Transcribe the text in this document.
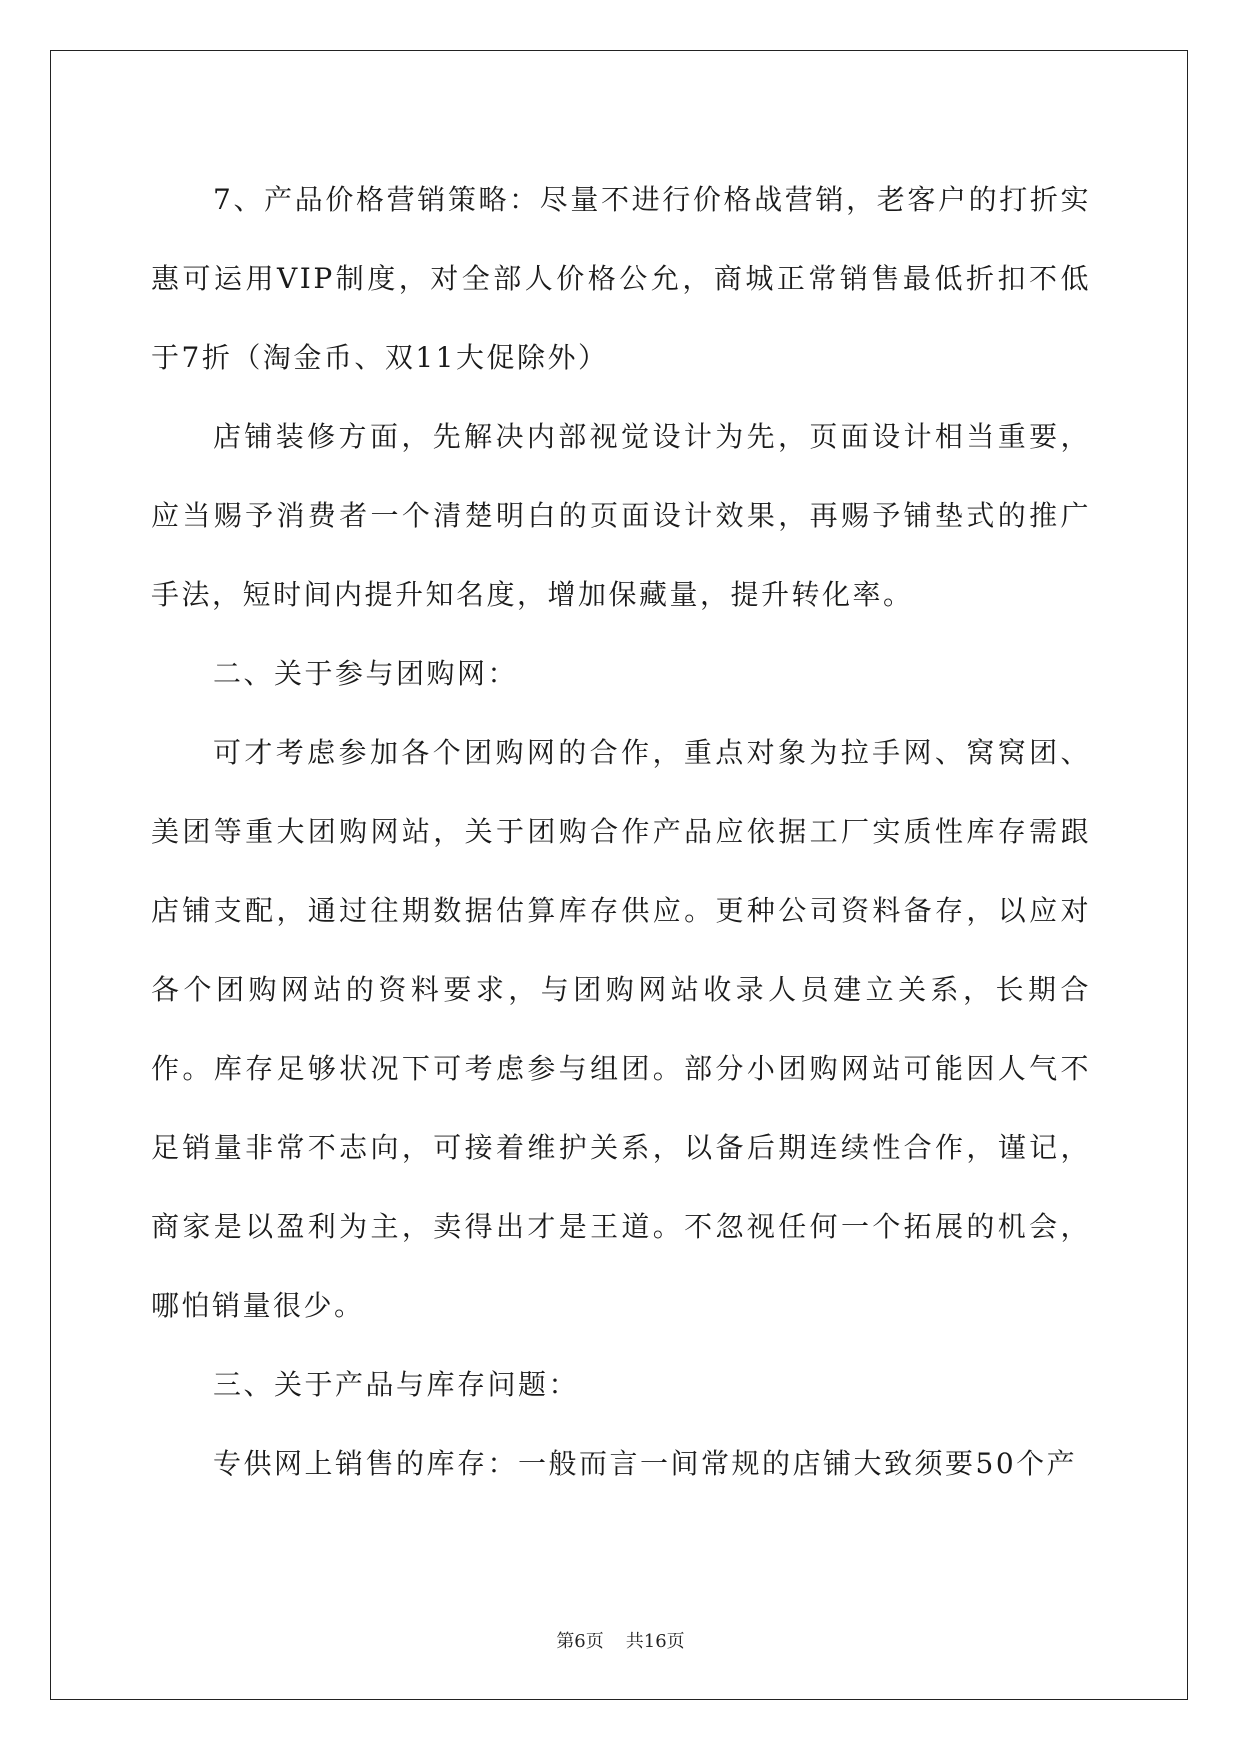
7、产品价格营销策略：尽量不进行价格战营销，老客户的打折实惠可运用VIP制度，对全部人价格公允，商城正常销售最低折扣不低于7折（淘金币、双11大促除外）

店铺装修方面，先解决内部视觉设计为先，页面设计相当重要，应当赐予消费者一个清楚明白的页面设计效果，再赐予铺垫式的推广手法，短时间内提升知名度，增加保藏量，提升转化率。

二、关于参与团购网：

可才考虑参加各个团购网的合作，重点对象为拉手网、窝窝团、美团等重大团购网站，关于团购合作产品应依据工厂实质性库存需跟店铺支配，通过往期数据估算库存供应。更种公司资料备存，以应对各个团购网站的资料要求，与团购网站收录人员建立关系，长期合作。库存足够状况下可考虑参与组团。部分小团购网站可能因人气不足销量非常不志向，可接着维护关系，以备后期连续性合作，谨记，商家是以盈利为主，卖得出才是王道。不忽视任何一个拓展的机会，哪怕销量很少。

三、关于产品与库存问题：

专供网上销售的库存：一般而言一间常规的店铺大致须要50个产

第6页 共16页
